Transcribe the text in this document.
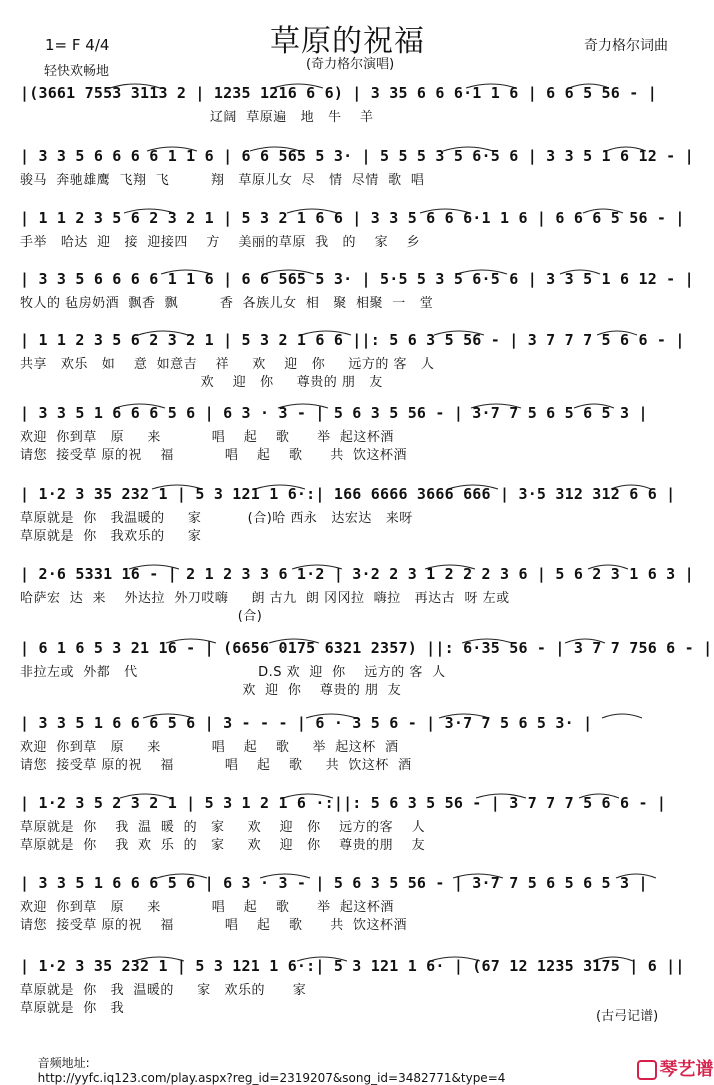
草原的祝福
1= F 4/4
轻快欢畅地	(奇力格尔演唱)
奇力格尔词曲
|(3661 7553 3113 2 | 1235 1216 6 6) | 3 35 6 6 6·1 1 6 | 6 6 5 56 - |
辽阔  草原遍   地   牛    羊
| 3 3 5 6 6 6 6 1 1 6 | 6 6 565 5 3· | 5 5 5 3 5 6·5 6 | 3 3 5 1 6 12 - |
骏马  奔驰雄鹰  飞翔  飞         翔   草原儿女  尽   情  尽情  歌  唱
| 1 1 2 3 5 6 2 3 2 1 | 5 3 2 1 6 6 | 3 3 5 6 6 6·1 1 6 | 6 6 6 5 56 - |
手举   哈达  迎   接  迎接四    方    美丽的草原  我   的    家    乡
| 3 3 5 6 6 6 6 1 1 6 | 6 6 565 5 3· | 5·5 5 3 5 6·5 6 | 3 3 5 1 6 12 - |
牧人的 毡房奶酒  飘香  飘         香  各族儿女  相   聚  相聚  一   堂
| 1 1 2 3 5 6 2 3 2 1 | 5 3 2 1 6 6 ||: 5 6 3 5 56 - | 3 7 7 7 5 6 6 - |
共享   欢乐   如    意  如意吉    祥     欢    迎   你     远方的 客   人
欢    迎   你     尊贵的 朋   友
| 3 3 5 1 6 6 6 5 6 | 6 3 · 3 - | 5 6 3 5 56 - | 3·7 7 5 6 5 6 5 3 |
欢迎  你到草   原     来           唱    起    歌      举  起这杯酒
请您  接受草 原的祝    福           唱    起    歌      共  饮这杯酒
| 1·2 3 35 232 1 | 5 3 121 1 6·:| 166 6666 3666 666 | 3·5 312 312 6 6 |
草原就是  你   我温暖的     家          (合)哈 西永   达宏达   来呀
草原就是  你   我欢乐的     家
| 2·6 5331 16 - | 2 1 2 3 3 6 1·2 | 3·2 2 3 1 2 2 2 3 6 | 5 6 2 3 1 6 3 |
哈萨宏  达  来    外达拉  外刀哎嗨     朗 古九  朗 冈冈拉  嗨拉   再达古  呀 左或
(合)
| 6 1 6 5 3 21 16 - | (6656 0175 6321 2357) ||: 6·35 56 - | 3 7 7 756 6 - |
非拉左或  外都   代                          D.S 欢  迎  你    远方的 客  人
欢  迎  你    尊贵的 朋  友
| 3 3 5 1 6 6 6 5 6 | 3 - - - | 6 · 3 5 6 - | 3·7 7 5 6 5 3· |
欢迎  你到草   原     来           唱    起    歌     举  起这杯  酒
请您  接受草 原的祝    福           唱    起    歌     共  饮这杯  酒
| 1·2 3 5 2 3 2 1 | 5 3 1 2 1 6 ·:||: 5 6 3 5 56 - | 3 7 7 7 5 6 6 - |
草原就是  你    我  温  暖  的   家     欢    迎   你    远方的客    人
草原就是  你    我  欢  乐  的   家     欢    迎   你    尊贵的朋    友
| 3 3 5 1 6 6 6 5 6 | 6 3 · 3 - | 5 6 3 5 56 - | 3·7 7 5 6 5 6 5 3 |
欢迎  你到草   原     来           唱    起    歌      举  起这杯酒
请您  接受草 原的祝    福           唱    起    歌      共  饮这杯酒
| 1·2 3 35 232 1 | 5 3 121 1 6·:| 5 3 121 1 6· | (67 12 1235 3175 | 6 ||
草原就是  你   我  温暖的     家   欢乐的      家
草原就是  你   我
(古弓记谱)

音频地址:
http://yyfc.iq123.com/play.aspx?reg_id=2319207&song_id=3482771&type=4	琴艺谱
